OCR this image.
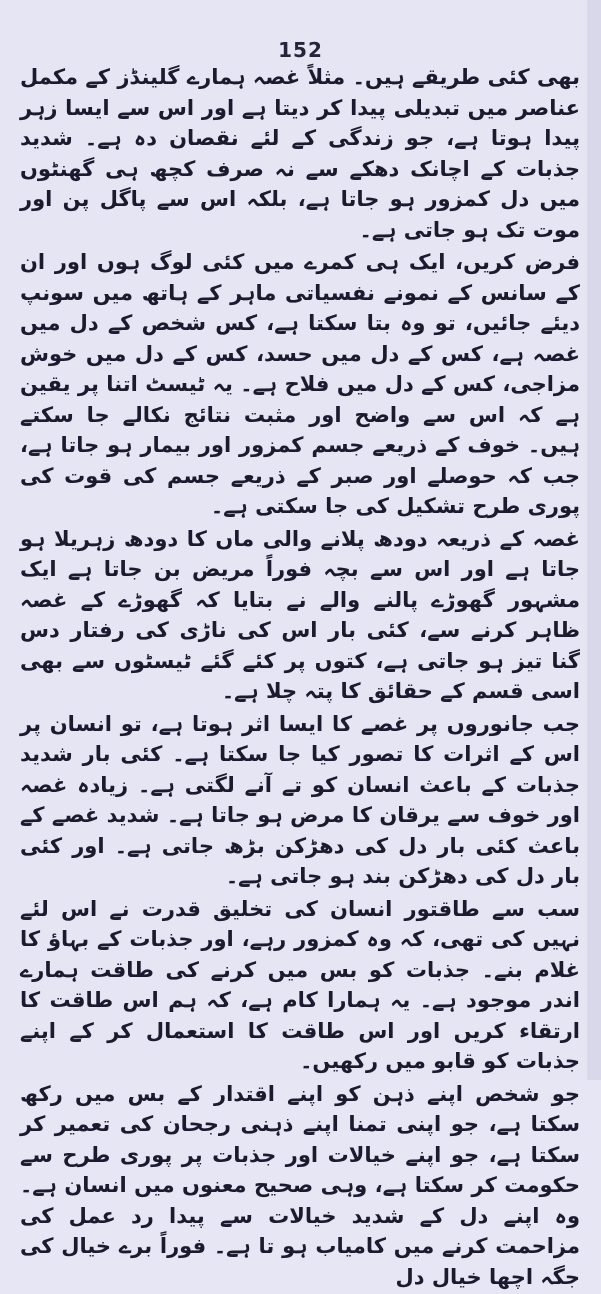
152

بھی کئی طریقے ہیں۔ مثلاً غصہ ہمارے گلینڈز کے مکمل عناصر میں تبدیلی پیدا کر دیتا ہے اور اس سے ایسا زہر پیدا ہوتا ہے، جو زندگی کے لئے نقصان دہ ہے۔ شدید جذبات کے اچانک دھکے سے نہ صرف کچھ ہی گھنٹوں میں دل کمزور ہو جاتا ہے، بلکہ اس سے پاگل پن اور موت تک ہو جاتی ہے۔

فرض کریں، ایک ہی کمرے میں کئی لوگ ہوں اور ان کے سانس کے نمونے نفسیاتی ماہر کے ہاتھ میں سونپ دیئے جائیں، تو وہ بتا سکتا ہے، کس شخص کے دل میں غصہ ہے، کس کے دل میں حسد، کس کے دل میں خوش مزاجی، کس کے دل میں فلاح ہے۔ یہ ٹیسٹ اتنا پر یقین ہے کہ اس سے واضح اور مثبت نتائج نکالے جا سکتے ہیں۔ خوف کے ذریعے جسم کمزور اور بیمار ہو جاتا ہے، جب کہ حوصلے اور صبر کے ذریعے جسم کی قوت کی پوری طرح تشکیل کی جا سکتی ہے۔

غصہ کے ذریعہ دودھ پلانے والی ماں کا دودھ زہریلا ہو جاتا ہے اور اس سے بچہ فوراً مریض بن جاتا ہے ایک مشہور گھوڑے پالنے والے نے بتایا کہ گھوڑے کے غصہ ظاہر کرنے سے، کئی بار اس کی ناڑی کی رفتار دس گنا تیز ہو جاتی ہے، کتوں پر کئے گئے ٹیسٹوں سے بھی اسی قسم کے حقائق کا پتہ چلا ہے۔

جب جانوروں پر غصے کا ایسا اثر ہوتا ہے، تو انسان پر اس کے اثرات کا تصور کیا جا سکتا ہے۔ کئی بار شدید جذبات کے باعث انسان کو تے آنے لگتی ہے۔ زیادہ غصہ اور خوف سے یرقان کا مرض ہو جاتا ہے۔ شدید غصے کے باعث کئی بار دل کی دھڑکن بڑھ جاتی ہے۔ اور کئی بار دل کی دھڑکن بند ہو جاتی ہے۔

سب سے طاقتور انسان کی تخلیق قدرت نے اس لئے نہیں کی تھی، کہ وہ کمزور رہے، اور جذبات کے بہاؤ کا غلام بنے۔ جذبات کو بس میں کرنے کی طاقت ہمارے اندر موجود ہے۔ یہ ہمارا کام ہے، کہ ہم اس طاقت کا ارتقاء کریں اور اس طاقت کا استعمال کر کے اپنے جذبات کو قابو میں رکھیں۔

جو شخص اپنے ذہن کو اپنے اقتدار کے بس میں رکھ سکتا ہے، جو اپنی تمنا اپنے ذہنی رجحان کی تعمیر کر سکتا ہے، جو اپنے خیالات اور جذبات پر پوری طرح سے حکومت کر سکتا ہے، وہی صحیح معنوں میں انسان ہے۔ وہ اپنے دل کے شدید خیالات سے پیدا رد عمل کی مزاحمت کرنے میں کامیاب ہو تا ہے۔ فوراً برے خیال کی جگہ اچھا خیال دل
